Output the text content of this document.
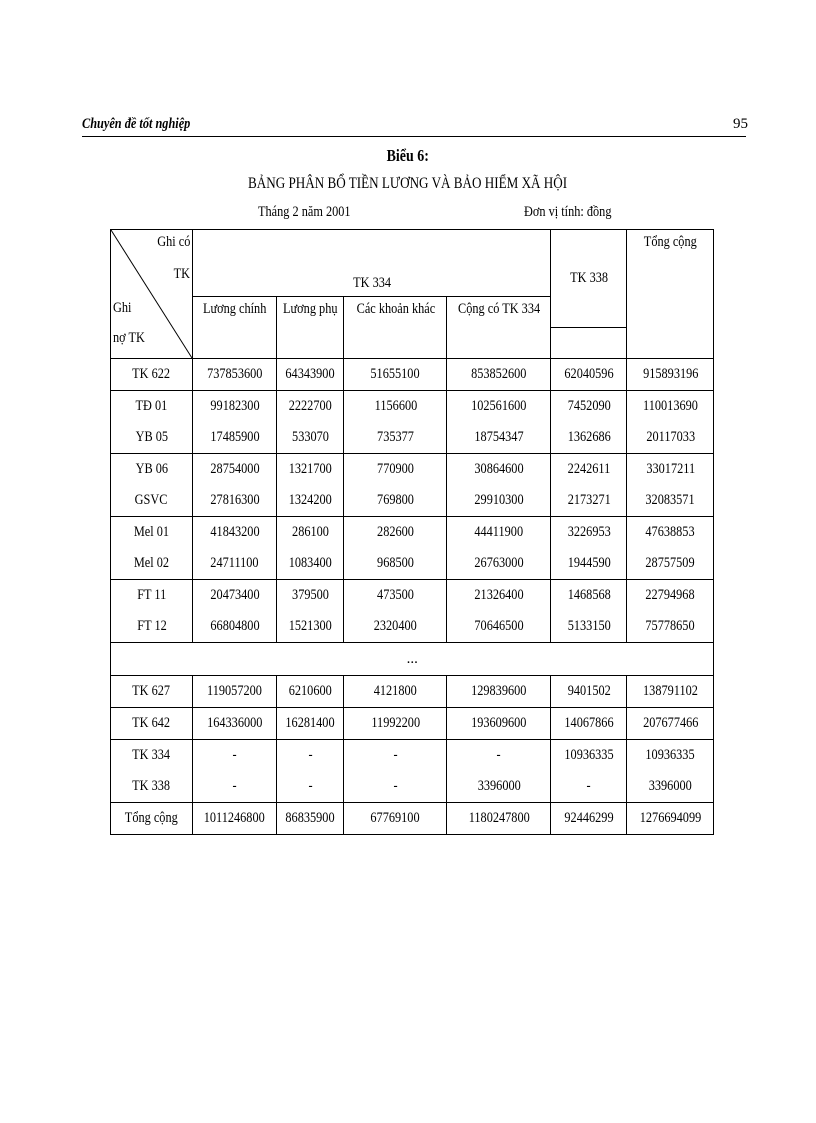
Chuyên đề tốt nghiệp	95
Biểu 6:
BẢNG PHÂN BỔ TIỀN LƯƠNG VÀ BẢO HIỂM XÃ HỘI
Tháng 2 năm 2001	Đơn vị tính: đồng
Ghi có
TK
Ghi
nợ TK	TK 334				TK 338	Tổng cộng

	Lương chính	Lương phụ	Các khoản khác	Cộng có TK 334		

TK 622	737853600	64343900	51655100	853852600	62040596	915893196
TĐ 01	99182300	2222700	1156600	102561600	7452090	110013690
YB 05	17485900	533070	735377	18754347	1362686	20117033
YB 06	28754000	1321700	770900	30864600	2242611	33017211
GSVC	27816300	1324200	769800	29910300	2173271	32083571
Mel 01	41843200	286100	282600	44411900	3226953	47638853
Mel 02	24711100	1083400	968500	26763000	1944590	28757509
FT 11	20473400	379500	473500	21326400	1468568	22794968
FT 12	66804800	1521300	2320400	70646500	5133150	75778650
...						
TK 627	119057200	6210600	4121800	129839600	9401502	138791102
TK 642	164336000	16281400	11992200	193609600	14067866	207677466
TK 334	-	-	-	-	10936335	10936335
TK 338	-	-	-	3396000	-	3396000
Tổng cộng	1011246800	86835900	67769100	1180247800	92446299	1276694099
